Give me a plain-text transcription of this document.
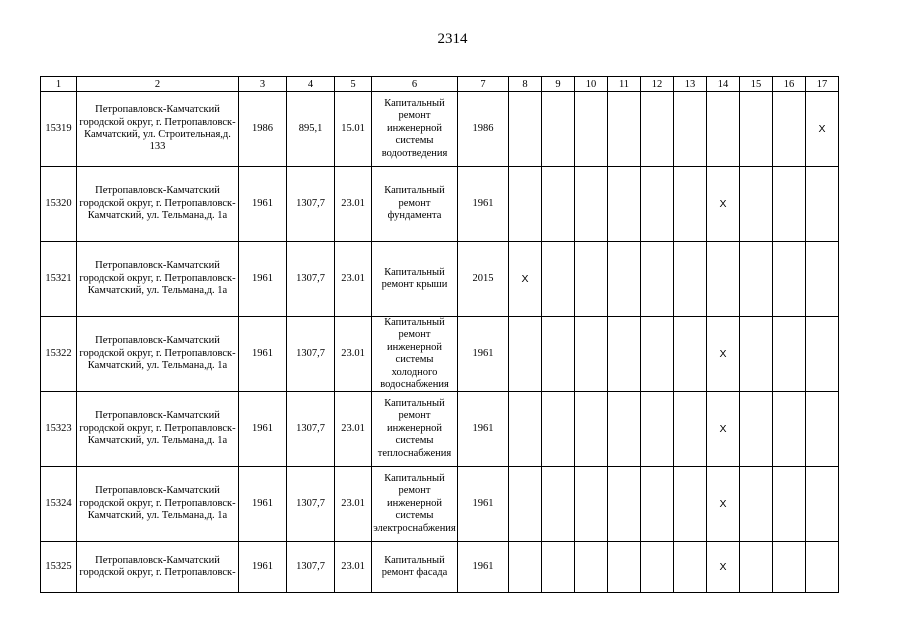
2314
1	2	3	4	5	6	7	8	9	10	11	12	13	14	15	16	17
15319	Петропавловск-Камчатский городской округ, г. Петропавловск-Камчатский, ул. Строительная,д. 133	1986	895,1	15.01	Капитальный ремонт инженерной системы водоотведения	1986										X
15320	Петропавловск-Камчатский городской округ, г. Петропавловск-Камчатский, ул. Тельмана,д. 1а	1961	1307,7	23.01	Капитальный ремонт фундамента	1961							X			
15321	Петропавловск-Камчатский городской округ, г. Петропавловск-Камчатский, ул. Тельмана,д. 1а	1961	1307,7	23.01	Капитальный ремонт крыши	2015	X									
15322	Петропавловск-Камчатский городской округ, г. Петропавловск-Камчатский, ул. Тельмана,д. 1а	1961	1307,7	23.01	Капитальный ремонт инженерной системы холодного водоснабжения	1961							X			
15323	Петропавловск-Камчатский городской округ, г. Петропавловск-Камчатский, ул. Тельмана,д. 1а	1961	1307,7	23.01	Капитальный ремонт инженерной системы теплоснабжения	1961							X			
15324	Петропавловск-Камчатский городской округ, г. Петропавловск-Камчатский, ул. Тельмана,д. 1а	1961	1307,7	23.01	Капитальный ремонт инженерной системы электроснабжения	1961							X			
15325	Петропавловск-Камчатский городской округ, г. Петропавловск-	1961	1307,7	23.01	Капитальный ремонт фасада	1961							X			
